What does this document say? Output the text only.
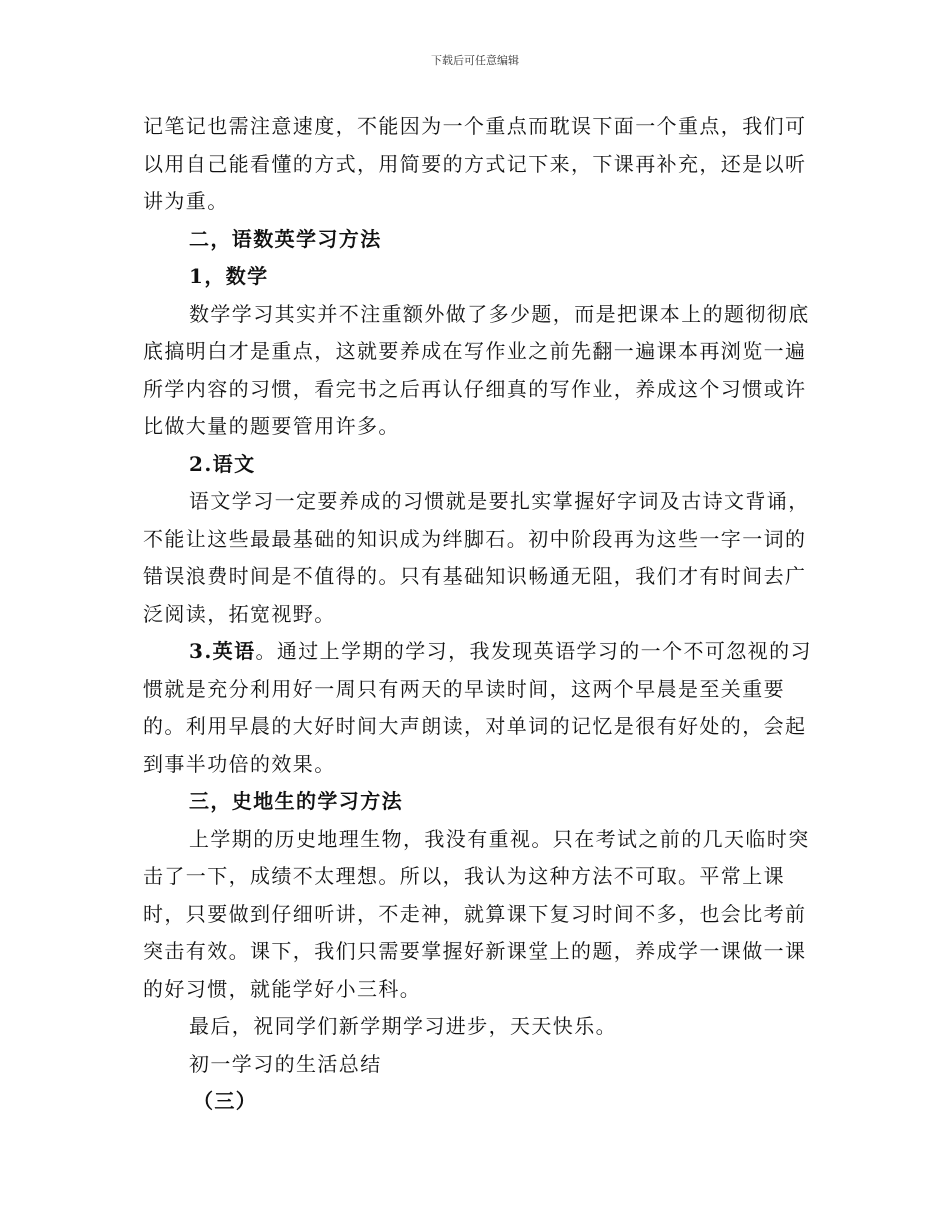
下载后可任意编辑

记笔记也需注意速度，不能因为一个重点而耽误下面一个重点，我们可以用自己能看懂的方式，用简要的方式记下来，下课再补充，还是以听讲为重。

二，语数英学习方法

1，数学

数学学习其实并不注重额外做了多少题，而是把课本上的题彻彻底底搞明白才是重点，这就要养成在写作业之前先翻一遍课本再浏览一遍所学内容的习惯，看完书之后再认仔细真的写作业，养成这个习惯或许比做大量的题要管用许多。

2.语文

语文学习一定要养成的习惯就是要扎实掌握好字词及古诗文背诵，不能让这些最最基础的知识成为绊脚石。初中阶段再为这些一字一词的错误浪费时间是不值得的。只有基础知识畅通无阻，我们才有时间去广泛阅读，拓宽视野。

3.英语。通过上学期的学习，我发现英语学习的一个不可忽视的习惯就是充分利用好一周只有两天的早读时间，这两个早晨是至关重要的。利用早晨的大好时间大声朗读，对单词的记忆是很有好处的，会起到事半功倍的效果。

三，史地生的学习方法

上学期的历史地理生物，我没有重视。只在考试之前的几天临时突击了一下，成绩不太理想。所以，我认为这种方法不可取。平常上课时，只要做到仔细听讲，不走神，就算课下复习时间不多，也会比考前突击有效。课下，我们只需要掌握好新课堂上的题，养成学一课做一课的好习惯，就能学好小三科。

最后，祝同学们新学期学习进步，天天快乐。

初一学习的生活总结

（三）
